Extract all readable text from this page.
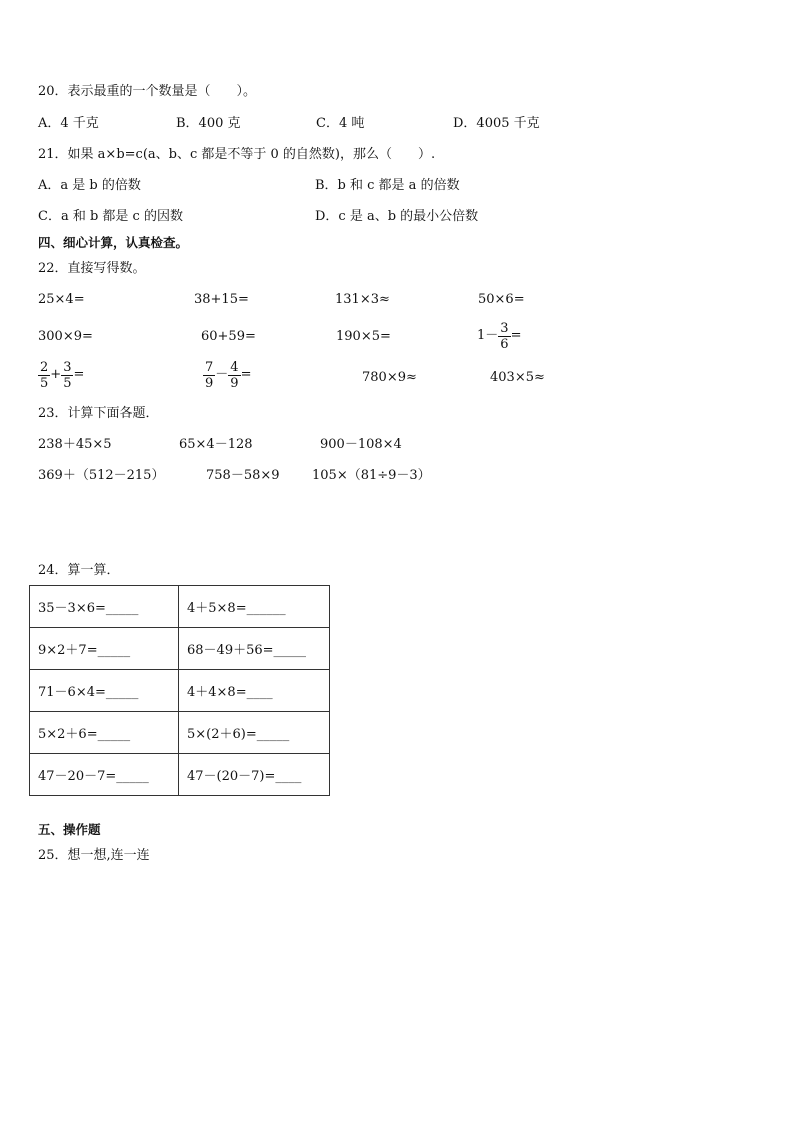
20．表示最重的一个数量是（　　）。
A．4 千克	B．400 克	C．4 吨	D．4005 千克
21．如果 a×b=c(a、b、c 都是不等于 0 的自然数)，那么（　　）.
A．a 是 b 的倍数	B．b 和 c 都是 a 的倍数
C．a 和 b 都是 c 的因数	D．c 是 a、b 的最小公倍数
四、细心计算，认真检查。
22．直接写得数。
25×4=	38+15=	131×3≈	50×6=
300×9=	60+59=	190×5=	$1- \frac{3}{6}$ =
$\frac{2}{5} + \frac{3}{5}$ =	$\frac{7}{9} - \frac{4}{9}$ =	780×9≈	403×5≈
23．计算下面各题．
238＋45×5	65×4－128	900－108×4
369＋（512－215）	758－58×9 105×（81÷9－3）
24．算一算．
35－3×6=_____	4＋5×8=______
9×2＋7=_____	68－49＋56=_____
71－6×4=_____	4＋4×8=____
5×2＋6=_____	5×(2＋6)=_____
47－20－7=_____	47－(20－7)=____
五、操作题
25．想一想,连一连
